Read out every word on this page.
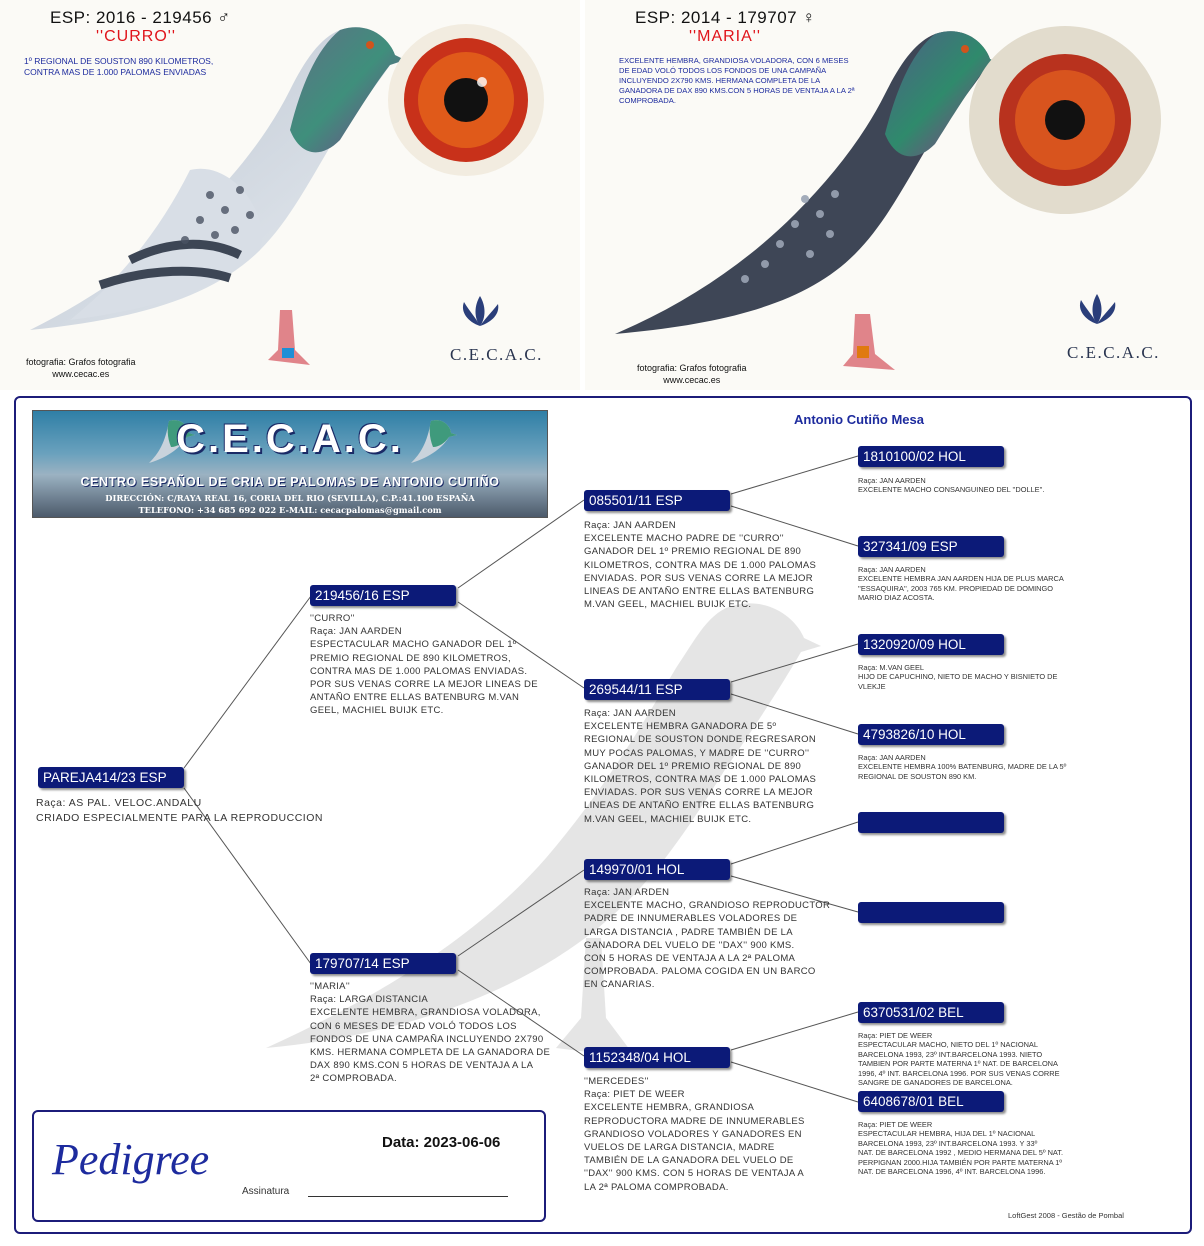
ESP: 2016 - 219456 ♂
''CURRO''
1º REGIONAL DE SOUSTON 890 KILOMETROS, CONTRA MAS DE 1.000 PALOMAS ENVIADAS
fotografia: Grafos fotografia
www.cecac.es
C.E.C.A.C.
ESP: 2014 - 179707 ♀
''MARIA''
EXCELENTE HEMBRA, GRANDIOSA VOLADORA, CON 6 MESES DE EDAD VOLÓ TODOS LOS FONDOS DE UNA CAMPAÑA INCLUYENDO 2X790 KMS. HERMANA COMPLETA DE LA GANADORA DE DAX 890 KMS.CON 5 HORAS DE VENTAJA A LA 2ª COMPROBADA.
fotografia: Grafos fotografia
www.cecac.es
C.E.C.A.C.
C.E.C.A.C.
CENTRO ESPAÑOL DE CRIA DE PALOMAS DE ANTONIO CUTIÑO
DIRECCIÓN: C/RAYA REAL 16, CORIA DEL RIO (SEVILLA), C.P.:41.100 ESPAÑA
TELEFONO: +34 685 692 022 E-MAIL: cecacpalomas@gmail.com
Antonio Cutiño Mesa
PAREJA414/23 ESP
Raça: AS PAL. VELOC.ANDALU
CRIADO ESPECIALMENTE PARA LA REPRODUCCION
219456/16 ESP
''CURRO''
Raça: JAN AARDEN
ESPECTACULAR MACHO GANADOR DEL 1º
PREMIO REGIONAL DE 890 KILOMETROS,
CONTRA MAS DE 1.000 PALOMAS ENVIADAS.
POR SUS VENAS CORRE LA MEJOR LINEAS DE
ANTAÑO ENTRE ELLAS BATENBURG M.VAN
GEEL, MACHIEL BUIJK ETC.
179707/14 ESP
''MARIA''
Raça: LARGA DISTANCIA
EXCELENTE HEMBRA, GRANDIOSA VOLADORA,
CON 6 MESES DE EDAD VOLÓ TODOS LOS
FONDOS DE UNA CAMPAÑA INCLUYENDO 2X790
KMS. HERMANA COMPLETA DE LA GANADORA DE
DAX 890 KMS.CON 5 HORAS DE VENTAJA A LA
2ª COMPROBADA.
085501/11 ESP
Raça: JAN AARDEN
EXCELENTE MACHO PADRE DE ''CURRO''
GANADOR DEL 1º PREMIO REGIONAL DE 890
KILOMETROS, CONTRA MAS DE 1.000 PALOMAS
ENVIADAS. POR SUS VENAS CORRE LA MEJOR
LINEAS DE ANTAÑO ENTRE ELLAS BATENBURG
M.VAN GEEL, MACHIEL BUIJK ETC.
269544/11 ESP
Raça: JAN AARDEN
EXCELENTE HEMBRA GANADORA DE 5º
REGIONAL DE SOUSTON DONDE REGRESARON
MUY POCAS PALOMAS, Y MADRE DE ''CURRO''
GANADOR DEL 1º PREMIO REGIONAL DE 890
KILOMETROS, CONTRA MAS DE 1.000 PALOMAS
ENVIADAS. POR SUS VENAS CORRE LA MEJOR
LINEAS DE ANTAÑO ENTRE ELLAS BATENBURG
M.VAN GEEL, MACHIEL BUIJK ETC.
149970/01 HOL
Raça: JAN ARDEN
EXCELENTE MACHO, GRANDIOSO REPRODUCTOR
PADRE DE INNUMERABLES VOLADORES DE
LARGA DISTANCIA , PADRE TAMBIÉN DE LA
GANADORA DEL VUELO DE ''DAX'' 900 KMS.
CON 5 HORAS DE VENTAJA A LA 2ª PALOMA
COMPROBADA. PALOMA COGIDA EN UN BARCO
EN CANARIAS.
1152348/04 HOL
''MERCEDES''
Raça: PIET DE WEER
EXCELENTE HEMBRA, GRANDIOSA
REPRODUCTORA MADRE DE INNUMERABLES
GRANDIOSO VOLADORES Y GANADORES EN
VUELOS DE LARGA DISTANCIA, MADRE
TAMBIÉN DE LA GANADORA DEL VUELO DE
''DAX'' 900 KMS. CON 5 HORAS DE VENTAJA A
LA 2ª PALOMA COMPROBADA.
1810100/02 HOL
Raça: JAN AARDEN
EXCELENTE MACHO CONSANGUINEO DEL ''DOLLE''.
327341/09 ESP
Raça: JAN AARDEN
EXCELENTE HEMBRA JAN AARDEN HIJA DE PLUS MARCA
''ESSAQUIRA'', 2003 765 KM. PROPIEDAD DE DOMINGO
MARIO DIAZ ACOSTA.
1320920/09 HOL
Raça: M.VAN GEEL
HIJO DE CAPUCHINO, NIETO DE MACHO Y BISNIETO DE
VLEKJE
4793826/10 HOL
Raça: JAN AARDEN
EXCELENTE HEMBRA 100% BATENBURG, MADRE DE LA 5º
REGIONAL DE SOUSTON 890 KM.
6370531/02 BEL
Raça: PIET DE WEER
ESPECTACULAR MACHO, NIETO DEL 1º NACIONAL
BARCELONA 1993, 23º INT.BARCELONA 1993. NIETO
TAMBIEN POR PARTE MATERNA 1º NAT. DE BARCELONA
1996, 4º INT. BARCELONA 1996. POR SUS VENAS CORRE
SANGRE DE GANADORES DE BARCELONA.
6408678/01 BEL
Raça: PIET DE WEER
ESPECTACULAR HEMBRA, HIJA DEL 1º NACIONAL
BARCELONA 1993, 23º INT.BARCELONA 1993. Y 33º
NAT. DE BARCELONA 1992 , MEDIO HERMANA DEL 5º NAT.
PERPIGNAN 2000.HIJA TAMBIÉN POR PARTE MATERNA 1º
NAT. DE BARCELONA 1996, 4º INT. BARCELONA 1996.
Pedigree	Data: 2023-06-06
Assinatura
LoftGest 2008 - Gestão de Pombal
